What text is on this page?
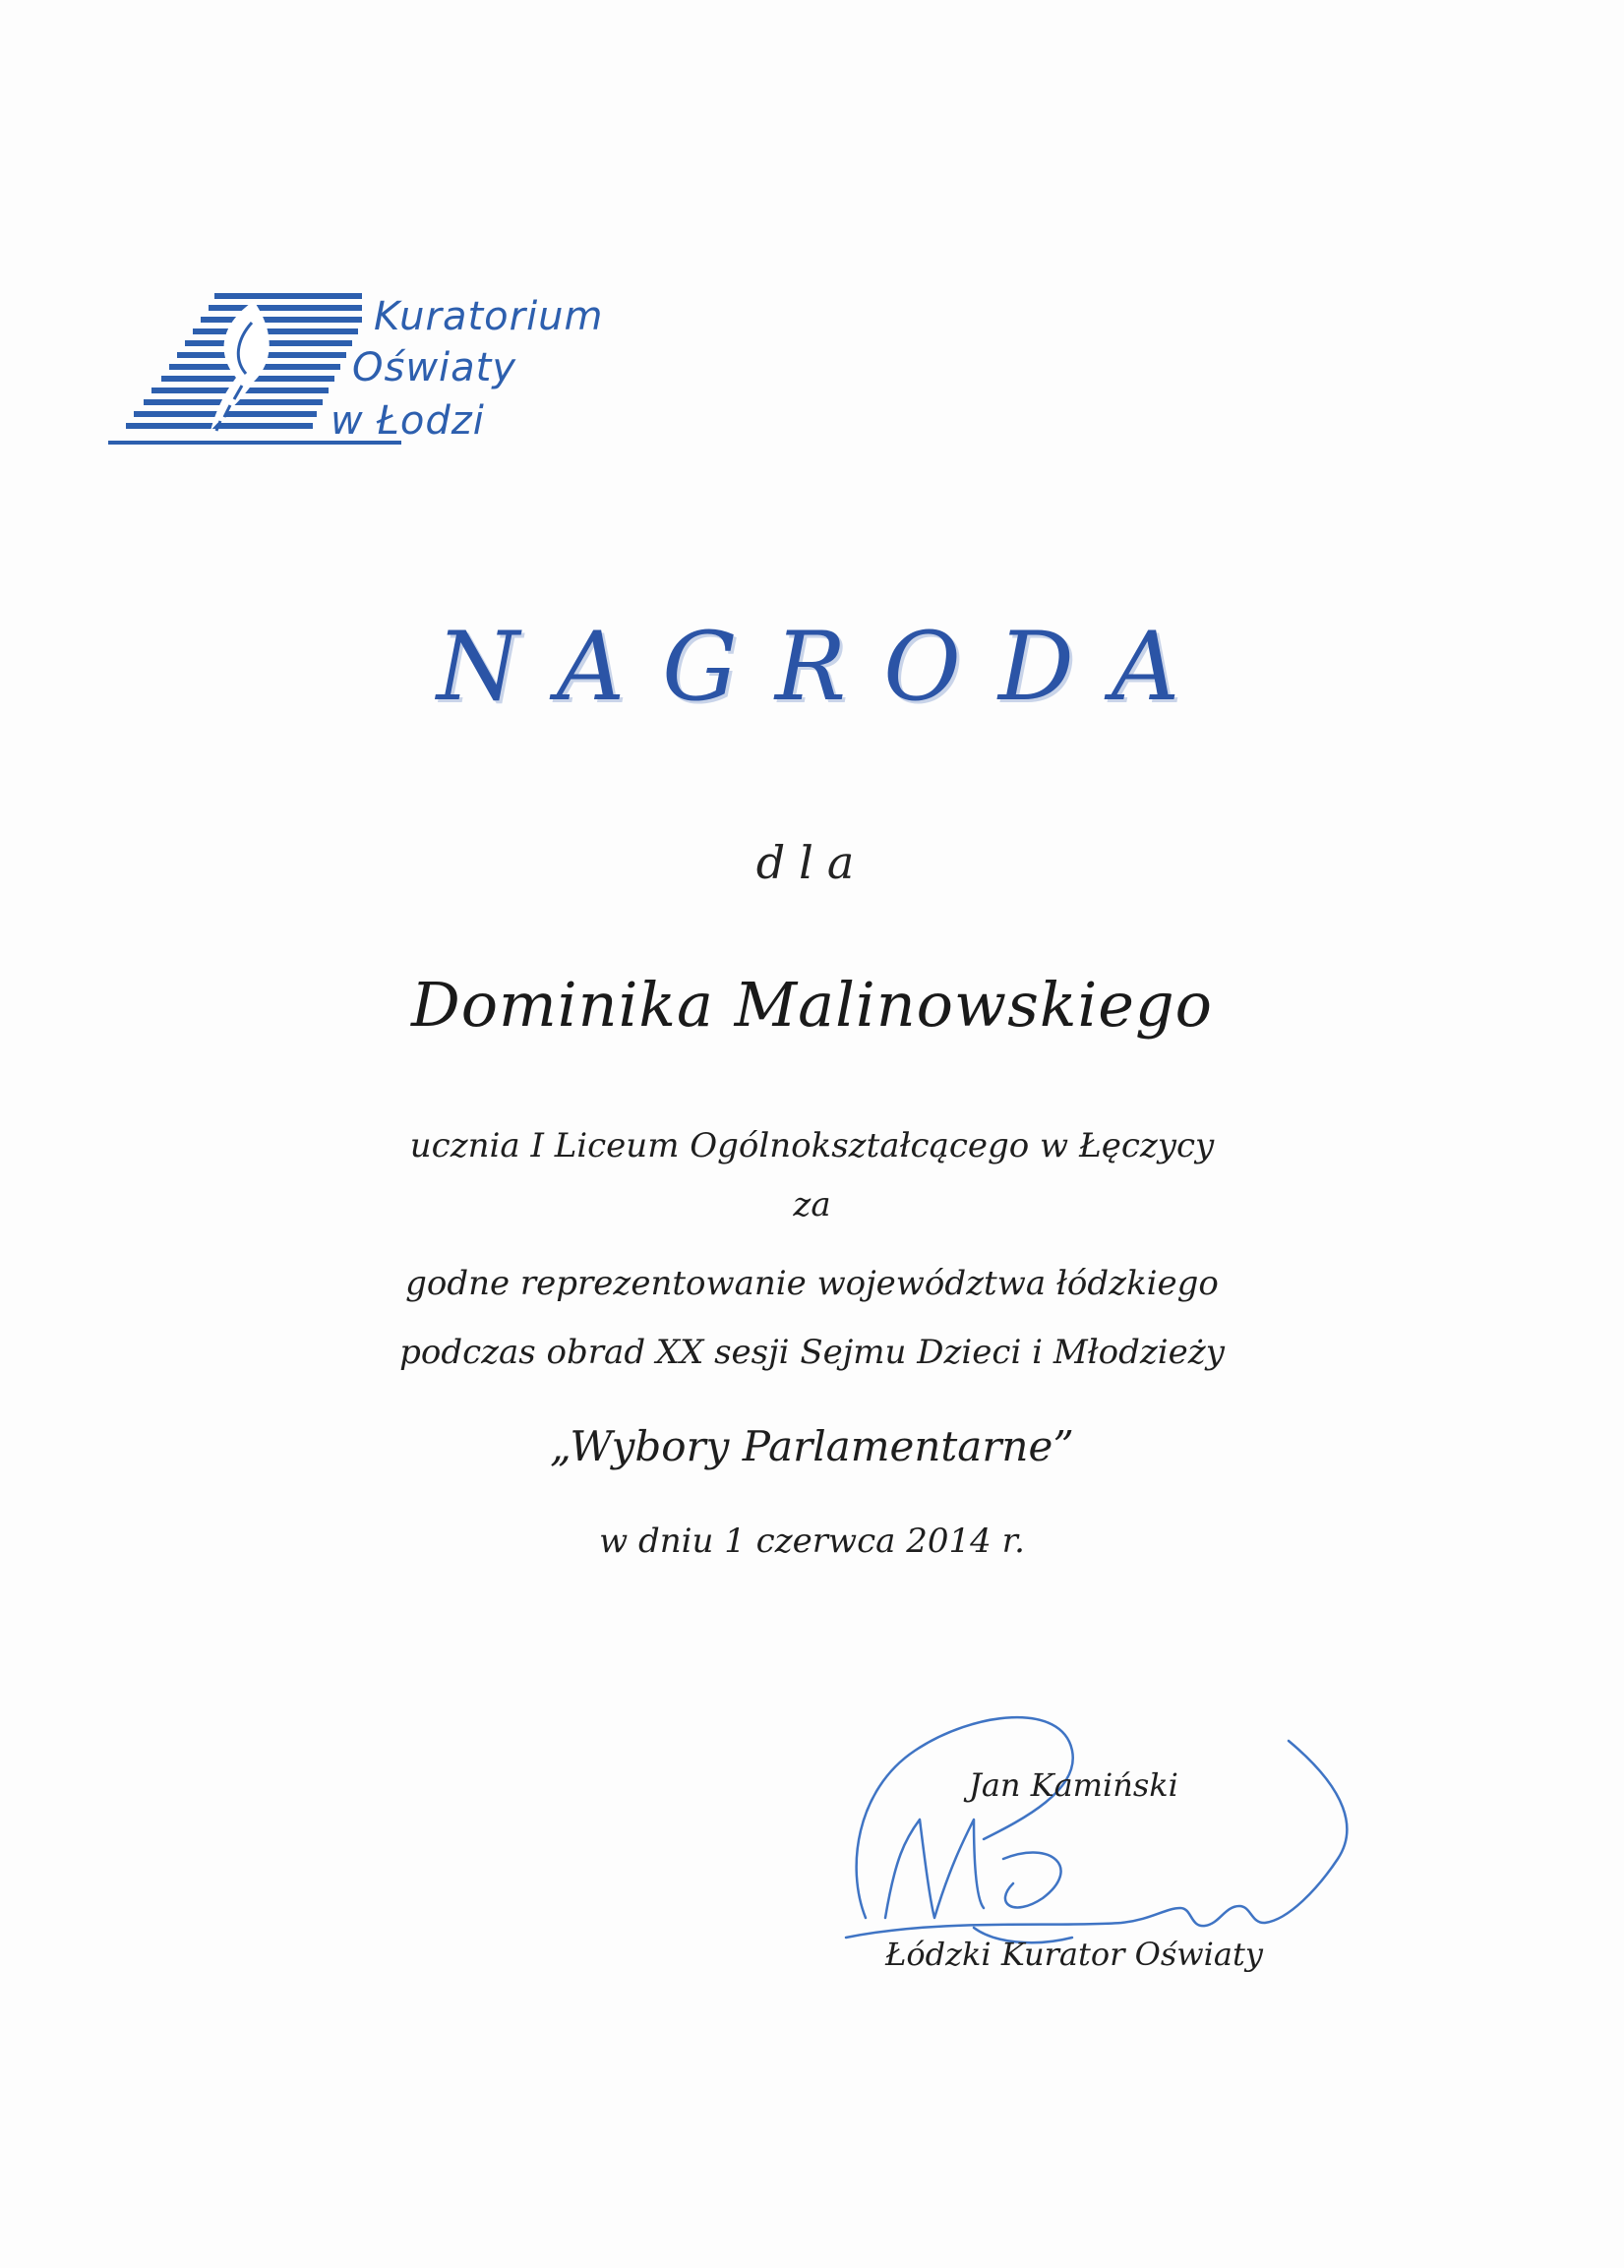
Kuratorium
Oświaty
w Łodzi
NAGRODA
dla
Dominika Malinowskiego
ucznia I Liceum Ogólnokształcącego w Łęczycy
za
godne reprezentowanie województwa łódzkiego
podczas obrad XX sesji Sejmu Dzieci i Młodzieży
„Wybory Parlamentarne”
w dniu 1 czerwca 2014 r.
Jan Kamiński
Łódzki Kurator Oświaty
